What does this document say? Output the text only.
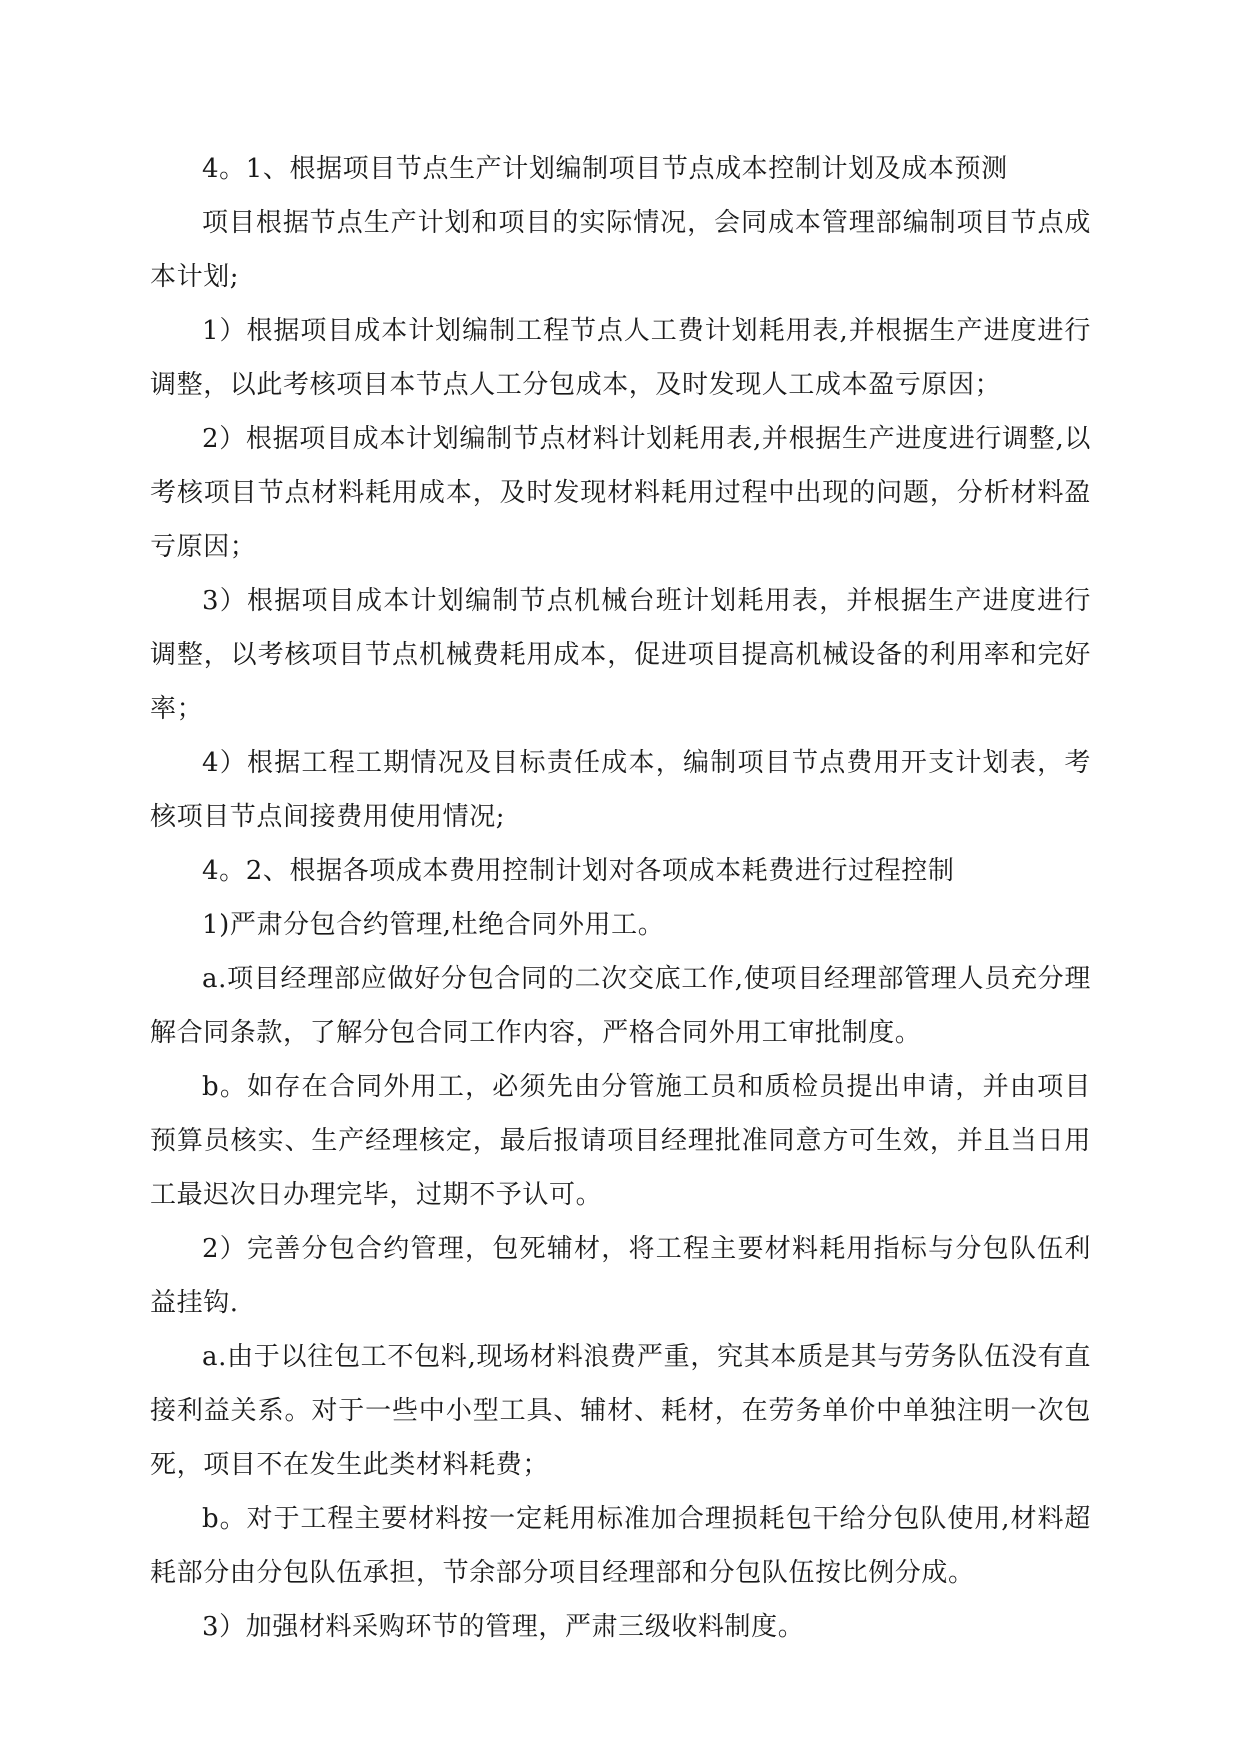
4。1、根据项目节点生产计划编制项目节点成本控制计划及成本预测

项目根据节点生产计划和项目的实际情况，会同成本管理部编制项目节点成本计划;

1）根据项目成本计划编制工程节点人工费计划耗用表,并根据生产进度进行调整，以此考核项目本节点人工分包成本，及时发现人工成本盈亏原因；

2）根据项目成本计划编制节点材料计划耗用表,并根据生产进度进行调整,以考核项目节点材料耗用成本，及时发现材料耗用过程中出现的问题，分析材料盈亏原因；

3）根据项目成本计划编制节点机械台班计划耗用表，并根据生产进度进行调整，以考核项目节点机械费耗用成本，促进项目提高机械设备的利用率和完好率；

4）根据工程工期情况及目标责任成本，编制项目节点费用开支计划表，考核项目节点间接费用使用情况;

4。2、根据各项成本费用控制计划对各项成本耗费进行过程控制

1)严肃分包合约管理,杜绝合同外用工。

a.项目经理部应做好分包合同的二次交底工作,使项目经理部管理人员充分理解合同条款，了解分包合同工作内容，严格合同外用工审批制度。

b。如存在合同外用工，必须先由分管施工员和质检员提出申请，并由项目预算员核实、生产经理核定，最后报请项目经理批准同意方可生效，并且当日用工最迟次日办理完毕，过期不予认可。

2）完善分包合约管理，包死辅材，将工程主要材料耗用指标与分包队伍利益挂钩.

a.由于以往包工不包料,现场材料浪费严重，究其本质是其与劳务队伍没有直接利益关系。对于一些中小型工具、辅材、耗材，在劳务单价中单独注明一次包死，项目不在发生此类材料耗费；

b。对于工程主要材料按一定耗用标准加合理损耗包干给分包队使用,材料超耗部分由分包队伍承担，节余部分项目经理部和分包队伍按比例分成。

3）加强材料采购环节的管理，严肃三级收料制度。
